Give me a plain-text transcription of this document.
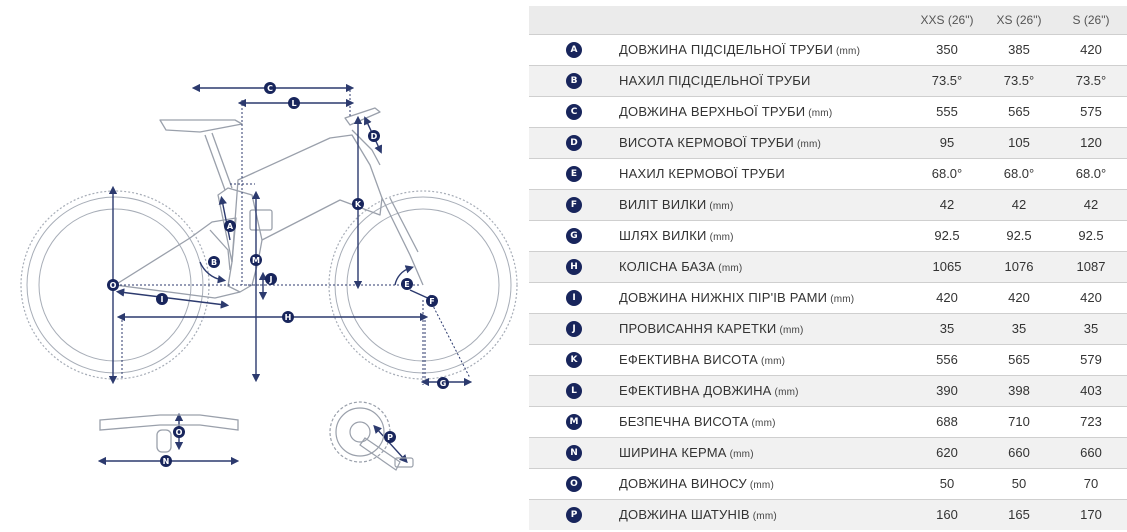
C
L
D
K
A
B	M
J
O
I
H
E
F
G
O
N
P
		XXS (26")	XS (26")	S (26")
A	ДОВЖИНА ПІДСІДЕЛЬНОЇ ТРУБИ (mm)	350	385	420
B	НАХИЛ ПІДСІДЕЛЬНОЇ ТРУБИ	73.5°	73.5°	73.5°
C	ДОВЖИНА ВЕРХНЬОЇ ТРУБИ (mm)	555	565	575
D	ВИСОТА КЕРМОВОЇ ТРУБИ (mm)	95	105	120
E	НАХИЛ КЕРМОВОЇ ТРУБИ	68.0°	68.0°	68.0°
F	ВИЛІТ ВИЛКИ (mm)	42	42	42
G	ШЛЯХ ВИЛКИ (mm)	92.5	92.5	92.5
H	КОЛІСНА БАЗА (mm)	1065	1076	1087
I	ДОВЖИНА НИЖНІХ ПІР'ІВ РАМИ (mm)	420	420	420
J	ПРОВИСАННЯ КАРЕТКИ (mm)	35	35	35
K	ЕФЕКТИВНА ВИСОТА (mm)	556	565	579
L	ЕФЕКТИВНА ДОВЖИНА (mm)	390	398	403
M	БЕЗПЕЧНА ВИСОТА (mm)	688	710	723
N	ШИРИНА КЕРМА (mm)	620	660	660
O	ДОВЖИНА ВИНОСУ (mm)	50	50	70
P	ДОВЖИНА ШАТУНІВ (mm)	160	165	170
